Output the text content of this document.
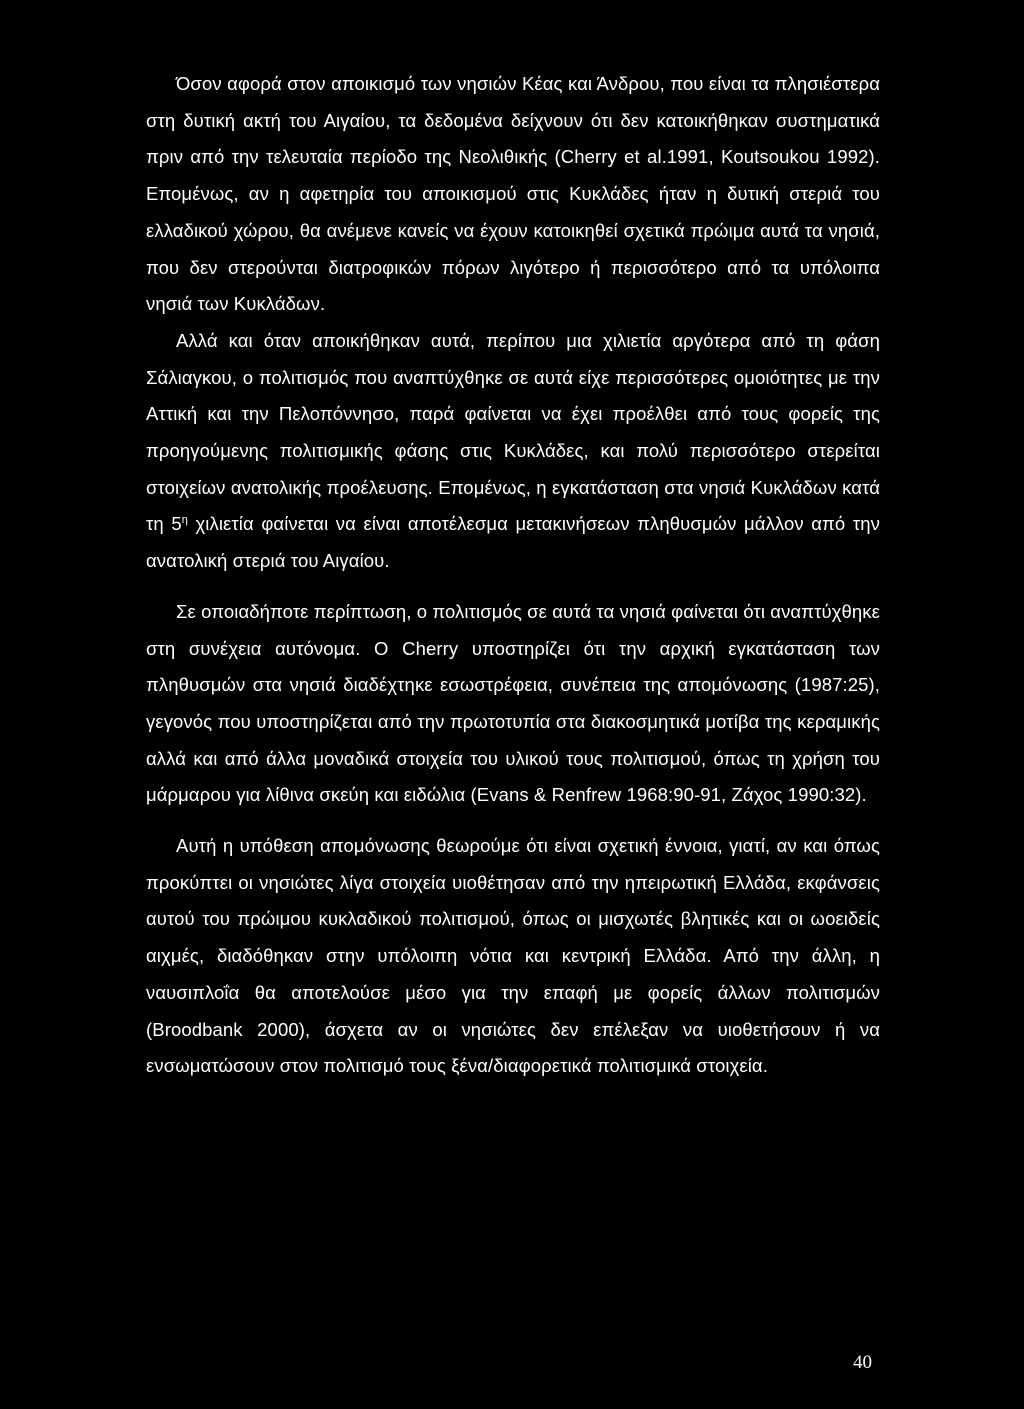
Όσον αφορά στον αποικισμό των νησιών Κέας και Άνδρου, που είναι τα πλησιέστερα στη δυτική ακτή του Αιγαίου, τα δεδομένα δείχνουν ότι δεν κατοικήθηκαν συστηματικά πριν από την τελευταία περίοδο της Νεολιθικής (Cherry et al.1991, Koutsoukou 1992). Επομένως, αν η αφετηρία του αποικισμού στις Κυκλάδες ήταν η δυτική στεριά του ελλαδικού χώρου, θα ανέμενε κανείς να έχουν κατοικηθεί σχετικά πρώιμα αυτά τα νησιά, που δεν στερούνται διατροφικών πόρων λιγότερο ή περισσότερο από τα υπόλοιπα νησιά των Κυκλάδων.

Αλλά και όταν αποικήθηκαν αυτά, περίπου μια χιλιετία αργότερα από τη φάση Σάλιαγκου, ο πολιτισμός που αναπτύχθηκε σε αυτά είχε περισσότερες ομοιότητες με την Αττική και την Πελοπόννησο, παρά φαίνεται να έχει προέλθει από τους φορείς της προηγούμενης πολιτισμικής φάσης στις Κυκλάδες, και πολύ περισσότερο στερείται στοιχείων ανατολικής προέλευσης. Επομένως, η εγκατάσταση στα νησιά Κυκλάδων κατά τη $5^\eta$ χιλιετία φαίνεται να είναι αποτέλεσμα μετακινήσεων πληθυσμών μάλλον από την ανατολική στεριά του Αιγαίου.

Σε οποιαδήποτε περίπτωση, ο πολιτισμός σε αυτά τα νησιά φαίνεται ότι αναπτύχθηκε στη συνέχεια αυτόνομα. Ο Cherry υποστηρίζει ότι την αρχική εγκατάσταση των πληθυσμών στα νησιά διαδέχτηκε εσωστρέφεια, συνέπεια της απομόνωσης (1987:25), γεγονός που υποστηρίζεται από την πρωτοτυπία στα διακοσμητικά μοτίβα της κεραμικής αλλά και από άλλα μοναδικά στοιχεία του υλικού τους πολιτισμού, όπως τη χρήση του μάρμαρου για λίθινα σκεύη και ειδώλια (Evans & Renfrew 1968:90-91, Ζάχος 1990:32).

Αυτή η υπόθεση απομόνωσης θεωρούμε ότι είναι σχετική έννοια, γιατί, αν και όπως προκύπτει οι νησιώτες λίγα στοιχεία υιοθέτησαν από την ηπειρωτική Ελλάδα, εκφάνσεις αυτού του πρώιμου κυκλαδικού πολιτισμού, όπως οι μισχωτές βλητικές και οι ωοειδείς αιχμές, διαδόθηκαν στην υπόλοιπη νότια και κεντρική Ελλάδα. Από την άλλη, η ναυσιπλοΐα θα αποτελούσε μέσο για την επαφή με φορείς άλλων πολιτισμών (Broodbank 2000), άσχετα αν οι νησιώτες δεν επέλεξαν να υιοθετήσουν ή να ενσωματώσουν στον πολιτισμό τους ξένα/διαφορετικά πολιτισμικά στοιχεία.

40
